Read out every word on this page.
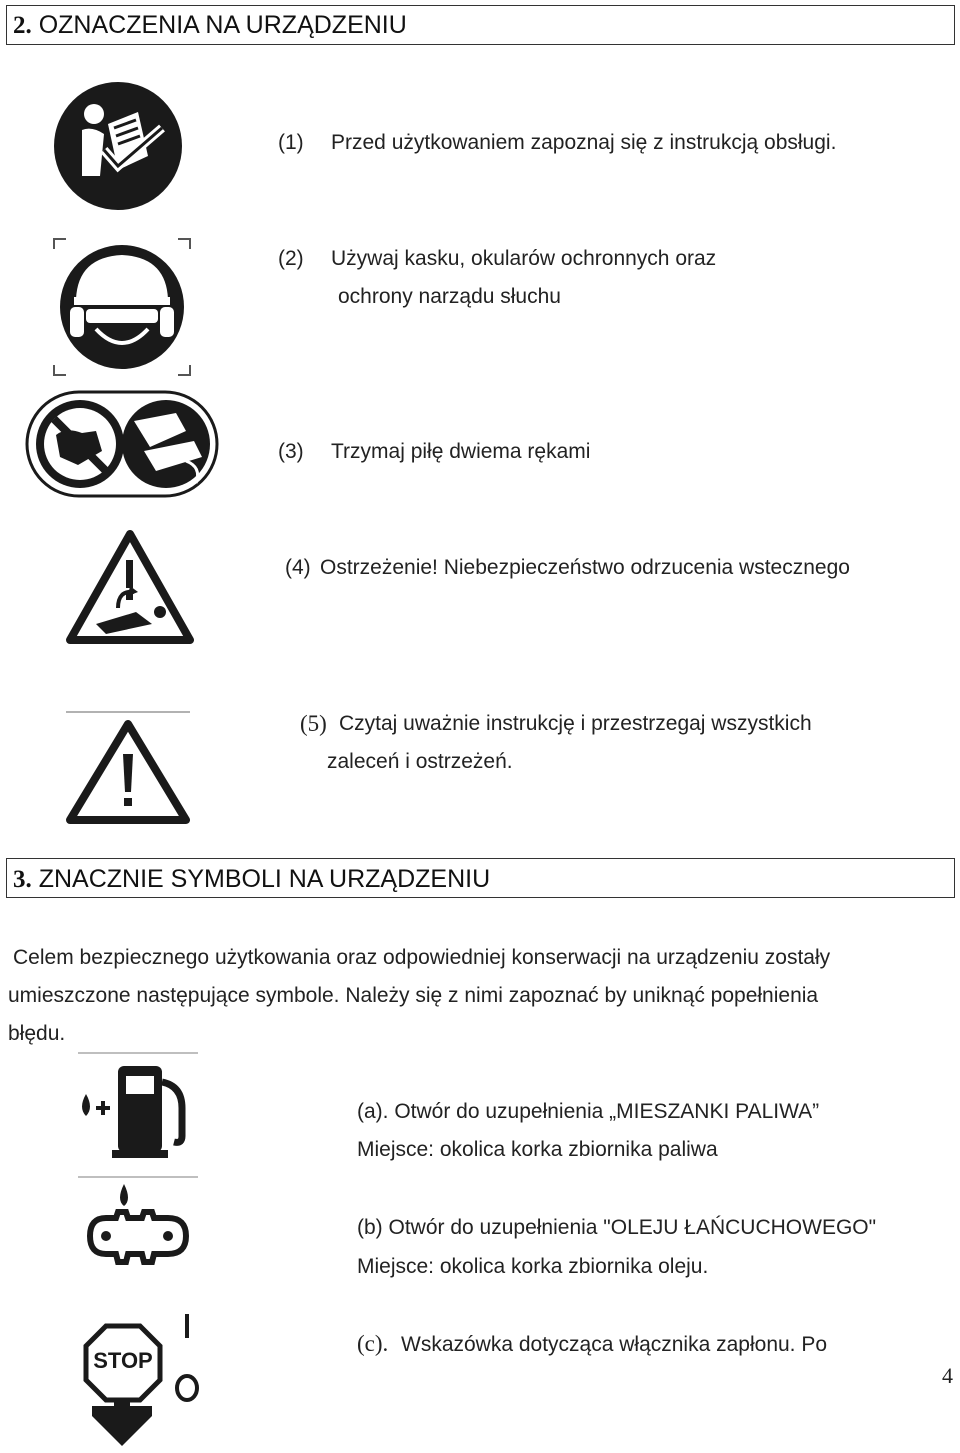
2. OZNACZENIA NA URZĄDZENIU
(1) Przed użytkowaniem zapoznaj się z instrukcją obsługi.
(2) Używaj kasku, okularów ochronnych oraz
ochrony narządu słuchu
(3) Trzymaj piłę dwiema rękami
(4) Ostrzeżenie! Niebezpieczeństwo odrzucenia wstecznego
(5) Czytaj uważnie instrukcję i przestrzegaj wszystkich
zaleceń i ostrzeżeń.
3. ZNACZNIE SYMBOLI NA URZĄDZENIU
Celem bezpiecznego użytkowania oraz odpowiedniej konserwacji na urządzeniu zostały
umieszczone następujące symbole. Należy się z nimi zapoznać by uniknąć popełnienia
błędu.
(a). Otwór do uzupełnienia „MIESZANKI PALIWA”
Miejsce: okolica korka zbiornika paliwa
(b) Otwór do uzupełnienia "OLEJU ŁAŃCUCHOWEGO"
Miejsce: okolica korka zbiornika oleju.
STOP
(c). Wskazówka dotycząca włącznika zapłonu. Po
4
